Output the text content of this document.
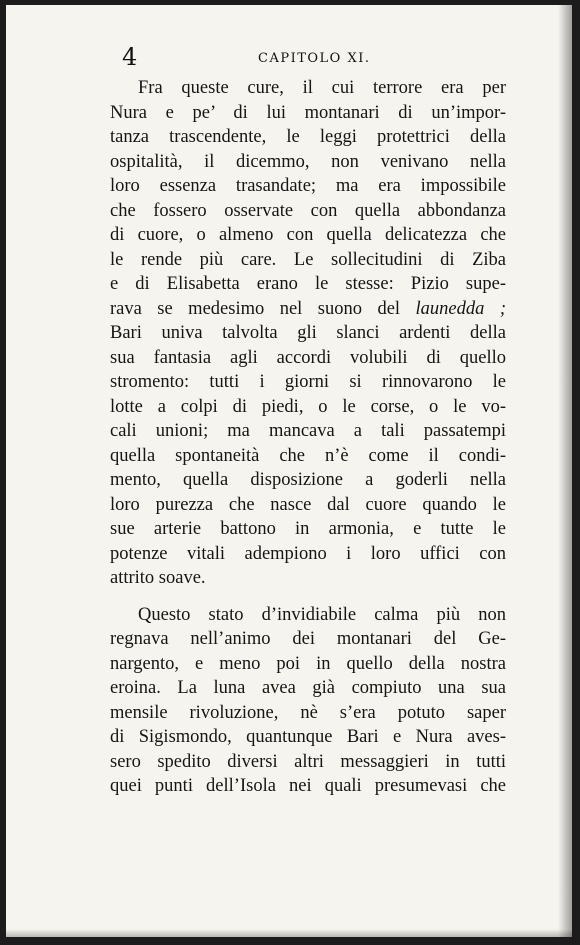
4	CAPITOLO XI.
Fra queste cure, il cui terrore era per
Nura e pe’ di lui montanari di un’impor-
tanza trascendente, le leggi protettrici della
ospitalità, il dicemmo, non venivano nella
loro essenza trasandate; ma era impossibile
che fossero osservate con quella abbondanza
di cuore, o almeno con quella delicatezza che
le rende più care. Le sollecitudini di Ziba
e di Elisabetta erano le stesse: Pizio supe-
rava se medesimo nel suono del launedda ;
Bari univa talvolta gli slanci ardenti della
sua fantasia agli accordi volubili di quello
stromento: tutti i giorni si rinnovarono le
lotte a colpi di piedi, o le corse, o le vo-
cali unioni; ma mancava a tali passatempi
quella spontaneità che n’è come il condi-
mento, quella disposizione a goderli nella
loro purezza che nasce dal cuore quando le
sue arterie battono in armonia, e tutte le
potenze vitali adempiono i loro uffici con
attrito soave.
Questo stato d’invidiabile calma più non
regnava nell’animo dei montanari del Ge-
nargento, e meno poi in quello della nostra
eroina. La luna avea già compiuto una sua
mensile rivoluzione, nè s’era potuto saper
di Sigismondo, quantunque Bari e Nura aves-
sero spedito diversi altri messaggieri in tutti
quei punti dell’Isola nei quali presumevasi che
